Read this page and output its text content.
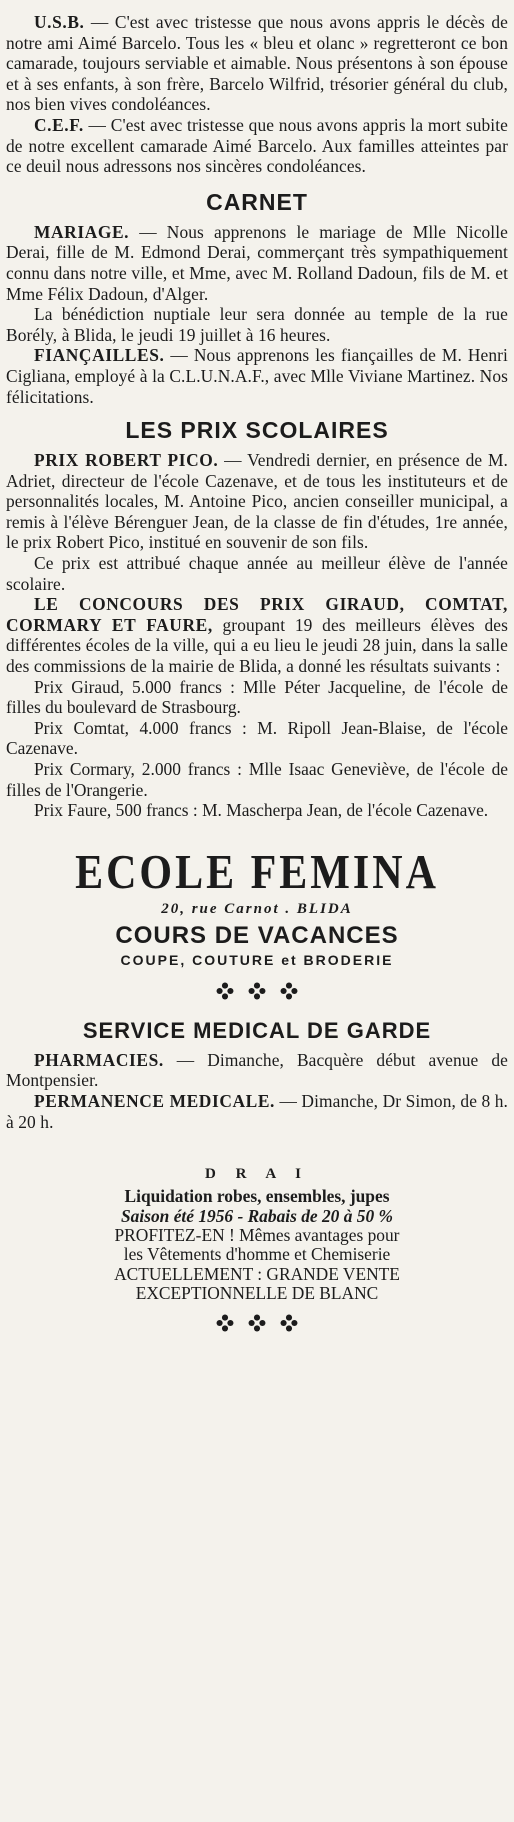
U.S.B. — C'est avec tristesse que nous avons appris le décès de notre ami Aimé Barcelo. Tous les « bleu et olanc » regretteront ce bon camarade, toujours serviable et aimable. Nous présentons à son épouse et à ses enfants, à son frère, Barcelo Wilfrid, trésorier général du club, nos bien vives condoléances.

C.E.F. — C'est avec tristesse que nous avons appris la mort subite de notre excellent camarade Aimé Barcelo. Aux familles atteintes par ce deuil nous adressons nos sincères condoléances.

CARNET

MARIAGE. — Nous apprenons le mariage de Mlle Nicolle Derai, fille de M. Edmond Derai, commerçant très sympathiquement connu dans notre ville, et Mme, avec M. Rolland Dadoun, fils de M. et Mme Félix Dadoun, d'Alger.

La bénédiction nuptiale leur sera donnée au temple de la rue Borély, à Blida, le jeudi 19 juillet à 16 heures.

FIANÇAILLES. — Nous apprenons les fiançailles de M. Henri Cigliana, employé à la C.L.U.N.A.F., avec Mlle Viviane Martinez. Nos félicitations.

LES PRIX SCOLAIRES

PRIX ROBERT PICO. — Vendredi dernier, en présence de M. Adriet, directeur de l'école Cazenave, et de tous les instituteurs et de personnalités locales, M. Antoine Pico, ancien conseiller municipal, a remis à l'élève Bérenguer Jean, de la classe de fin d'études, 1re année, le prix Robert Pico, institué en souvenir de son fils.

Ce prix est attribué chaque année au meilleur élève de l'année scolaire.

LE CONCOURS DES PRIX GIRAUD, COMTAT, CORMARY ET FAURE, groupant 19 des meilleurs élèves des différentes écoles de la ville, qui a eu lieu le jeudi 28 juin, dans la salle des commissions de la mairie de Blida, a donné les résultats suivants :

Prix Giraud, 5.000 francs : Mlle Péter Jacqueline, de l'école de filles du boulevard de Strasbourg.

Prix Comtat, 4.000 francs : M. Ripoll Jean-Blaise, de l'école Cazenave.

Prix Cormary, 2.000 francs : Mlle Isaac Geneviève, de l'école de filles de l'Orangerie.

Prix Faure, 500 francs : M. Mascherpa Jean, de l'école Cazenave.

ECOLE FEMINA
20, rue Carnot . BLIDA
COURS DE VACANCES
COUPE, COUTURE et BRODERIE
SERVICE MEDICAL DE GARDE

PHARMACIES. — Dimanche, Bacquère début avenue de Montpensier.

PERMANENCE MEDICALE. — Dimanche, Dr Simon, de 8 h. à 20 h.

D R A I

Liquidation robes, ensembles, jupes

Saison été 1956 - Rabais de 20 à 50 %

PROFITEZ-EN ! Mêmes avantages pour

les Vêtements d'homme et Chemiserie

ACTUELLEMENT : GRANDE VENTE

EXCEPTIONNELLE DE BLANC
